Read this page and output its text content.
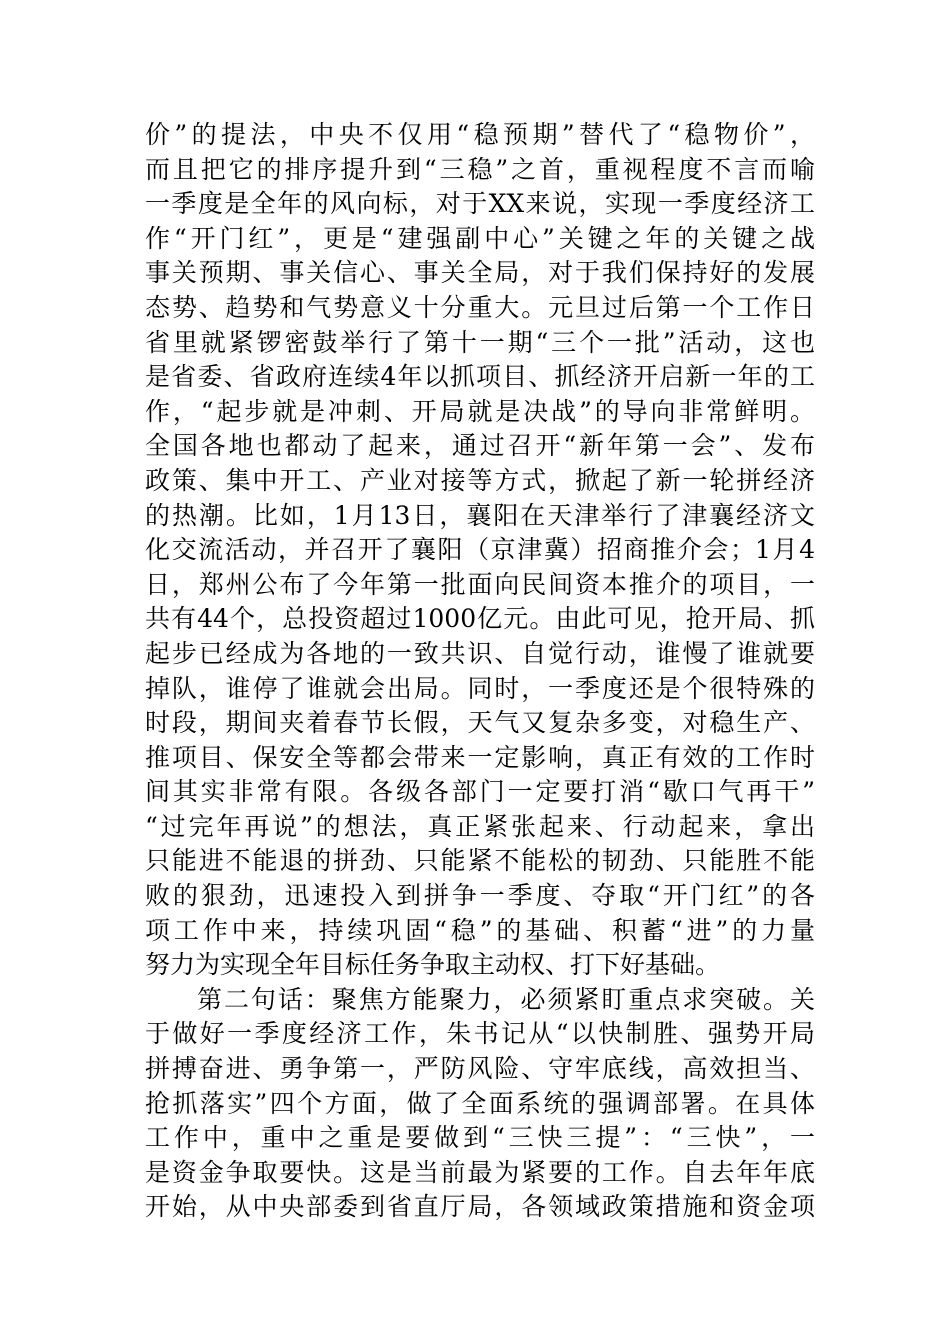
价”的提法，中央不仅用“稳预期”替代了“稳物价”，
而且把它的排序提升到“三稳”之首，重视程度不言而喻
一季度是全年的风向标，对于XX来说，实现一季度经济工
作“开门红”，更是“建强副中心”关键之年的关键之战
事关预期、事关信心、事关全局，对于我们保持好的发展
态势、趋势和气势意义十分重大。元旦过后第一个工作日
省里就紧锣密鼓举行了第十一期“三个一批”活动，这也
是省委、省政府连续4年以抓项目、抓经济开启新一年的工
作，“起步就是冲刺、开局就是决战”的导向非常鲜明。
全国各地也都动了起来，通过召开“新年第一会”、发布
政策、集中开工、产业对接等方式，掀起了新一轮拼经济
的热潮。比如，1月13日，襄阳在天津举行了津襄经济文
化交流活动，并召开了襄阳（京津冀）招商推介会；1月4
日，郑州公布了今年第一批面向民间资本推介的项目，一
共有44个，总投资超过1000亿元。由此可见，抢开局、抓
起步已经成为各地的一致共识、自觉行动，谁慢了谁就要
掉队，谁停了谁就会出局。同时，一季度还是个很特殊的
时段，期间夹着春节长假，天气又复杂多变，对稳生产、
推项目、保安全等都会带来一定影响，真正有效的工作时
间其实非常有限。各级各部门一定要打消“歇口气再干”
“过完年再说”的想法，真正紧张起来、行动起来，拿出
只能进不能退的拼劲、只能紧不能松的韧劲、只能胜不能
败的狠劲，迅速投入到拼争一季度、夺取“开门红”的各
项工作中来，持续巩固“稳”的基础、积蓄“进”的力量
努力为实现全年目标任务争取主动权、打下好基础。
第二句话：聚焦方能聚力，必须紧盯重点求突破。关
于做好一季度经济工作，朱书记从“以快制胜、强势开局
拼搏奋进、勇争第一，严防风险、守牢底线，高效担当、
抢抓落实”四个方面，做了全面系统的强调部署。在具体
工作中，重中之重是要做到“三快三提”：“三快”，一
是资金争取要快。这是当前最为紧要的工作。自去年年底
开始，从中央部委到省直厅局，各领域政策措施和资金项
